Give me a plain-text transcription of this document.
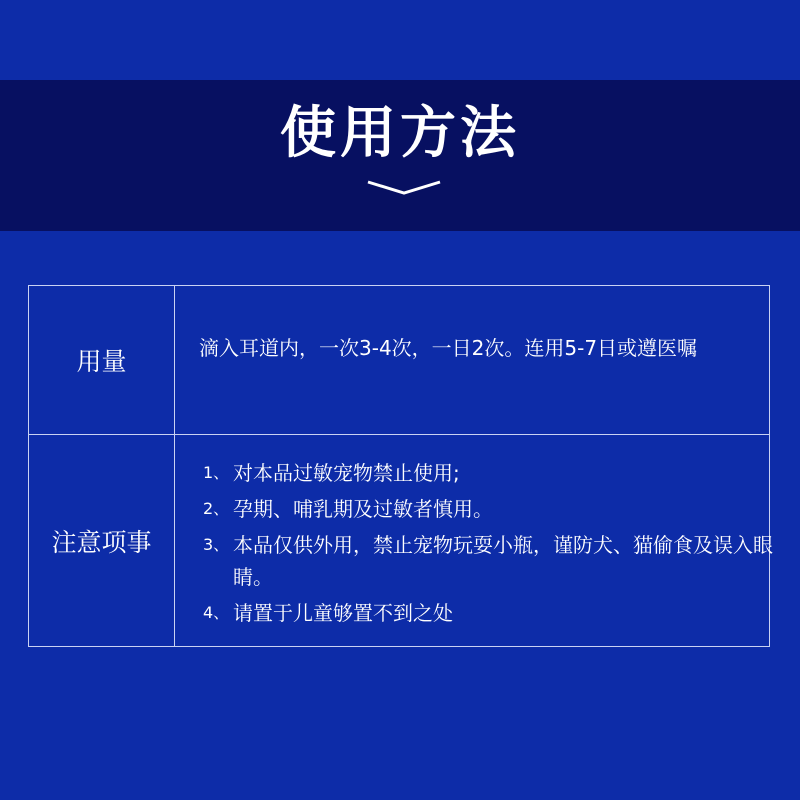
使用方法
用量	滴入耳道内，一次3-4次，一日2次。连用5-7日或遵医嘱
注意项事
1、 对本品过敏宠物禁止使用;
2、 孕期、哺乳期及过敏者慎用。
3、 本品仅供外用，禁止宠物玩耍小瓶，谨防犬、猫偷食及误入眼睛。
4、 请置于儿童够置不到之处
